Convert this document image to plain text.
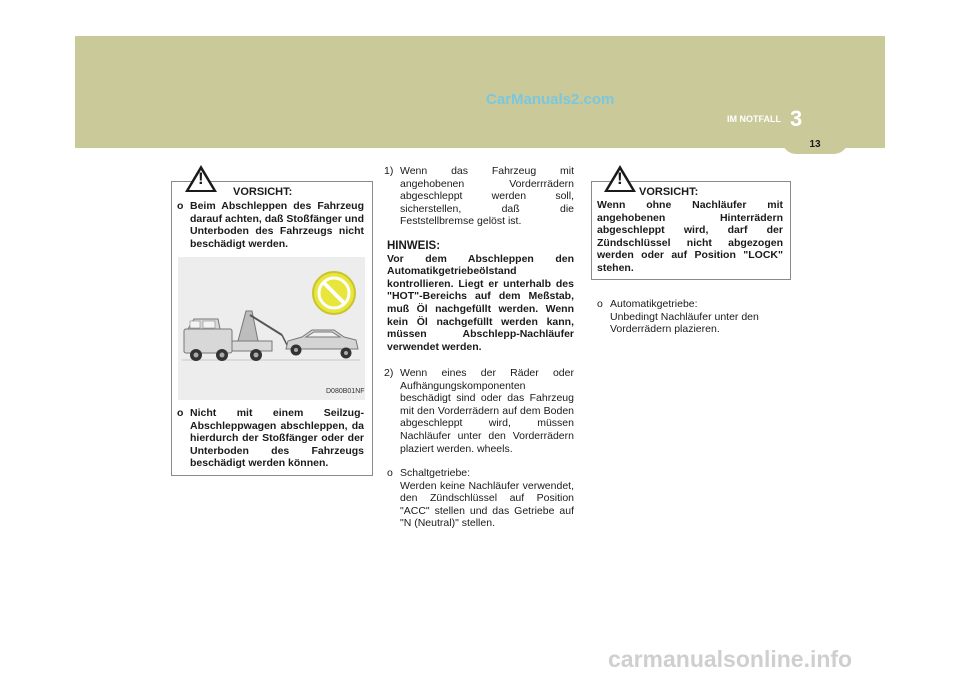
CarManuals2.com
3
IM NOTFALL
13
!
VORSICHT:
o Beim Abschleppen des Fahrzeug darauf achten, daß Stoßfänger und Unterboden des Fahrzeugs nicht beschädigt werden.
D080B01NF
o Nicht mit einem Seilzug-Abschleppwagen abschleppen, da hierdurch der Stoßfänger oder der Unterboden des Fahrzeugs beschädigt werden können.
1) Wenn das Fahrzeug mit angehobenen Vorderrrädern abgeschleppt werden soll, sicherstellen, daß die Feststellbremse gelöst ist.
HINWEIS:
Vor dem Abschleppen den Automatikgetriebeölstand kontrollieren. Liegt er unterhalb des "HOT"-Bereichs auf dem Meßstab, muß Öl nachgefüllt werden. Wenn kein Öl nachgefüllt werden kann, müssen Abschlepp-Nachläufer verwendet werden.
2) Wenn eines der Räder oder Aufhängungskomponenten beschädigt sind oder das Fahrzeug mit den Vorderrädern auf dem Boden abgeschleppt wird, müssen Nachläufer unter den Vorderrädern plaziert werden. wheels.
o Schaltgetriebe:
Werden keine Nachläufer verwendet, den Zündschlüssel auf Position "ACC" stellen und das Getriebe auf "N (Neutral)" stellen.
!
VORSICHT:
Wenn ohne Nachläufer mit angehobenen Hinterrädern abgeschleppt wird, darf der Zündschlüssel nicht abgezogen werden oder auf Position "LOCK" stehen.
o Automatikgetriebe:
Unbedingt Nachläufer unter den Vorderrädern plazieren.
carmanualsonline.info
